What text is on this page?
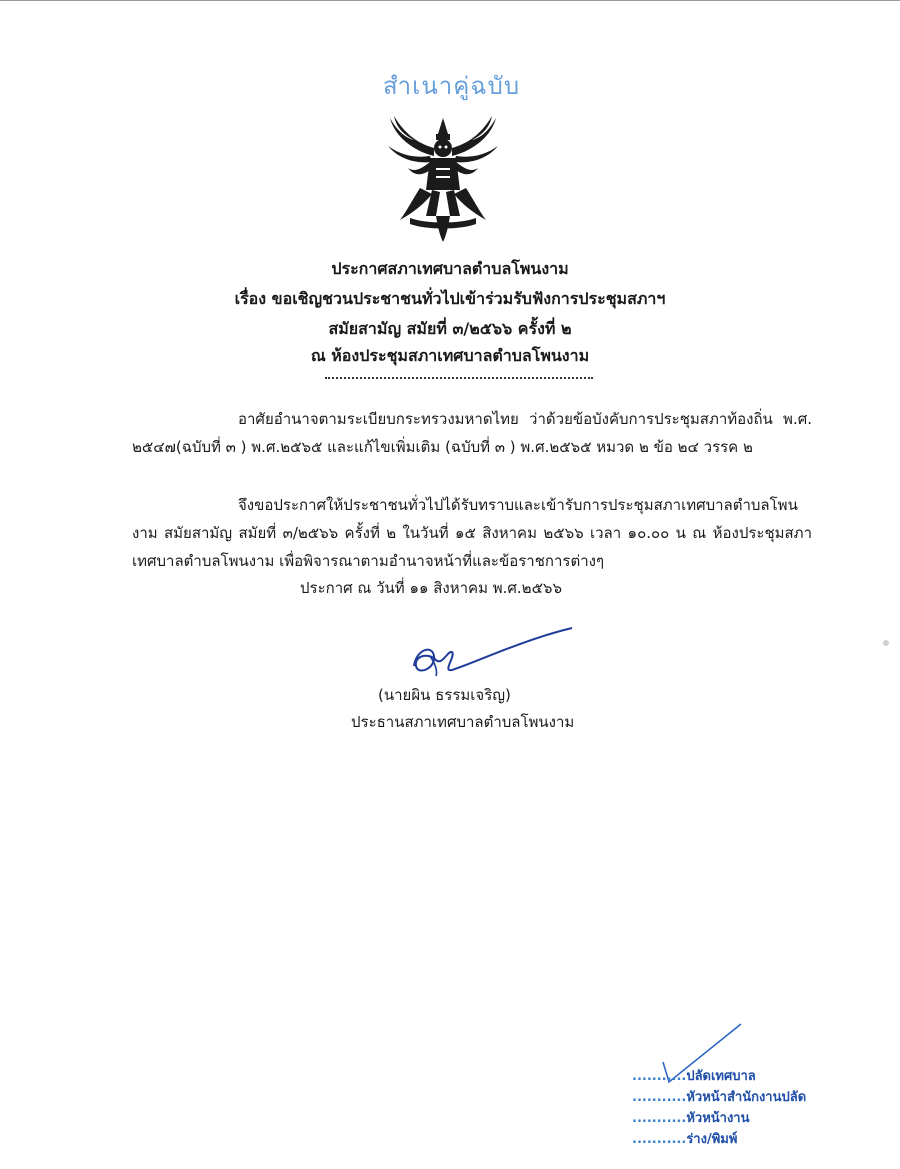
สำเนาคู่ฉบับ
ประกาศสภาเทศบาลตำบลโพนงาม
เรื่อง ขอเชิญชวนประชาชนทั่วไปเข้าร่วมรับฟังการประชุมสภาฯ
สมัยสามัญ สมัยที่ ๓/๒๕๖๖ ครั้งที่ ๒
ณ ห้องประชุมสภาเทศบาลตำบลโพนงาม
อาศัยอำนาจตามระเบียบกระทรวงมหาดไทย ว่าด้วยข้อบังคับการประชุมสภาท้องถิ่น พ.ศ. ๒๕๔๗(ฉบับที่ ๓ ) พ.ศ.๒๕๖๕ และแก้ไขเพิ่มเติม (ฉบับที่ ๓ ) พ.ศ.๒๕๖๕ หมวด ๒ ข้อ ๒๔ วรรค ๒
จึงขอประกาศให้ประชาชนทั่วไปได้รับทราบและเข้ารับการประชุมสภาเทศบาลตำบลโพนงาม สมัยสามัญ สมัยที่ ๓/๒๕๖๖ ครั้งที่ ๒ ในวันที่ ๑๕ สิงหาคม ๒๕๖๖ เวลา ๑๐.๐๐ น ณ ห้องประชุมสภาเทศบาลตำบลโพนงาม เพื่อพิจารณาตามอำนาจหน้าที่และข้อราชการต่างๆ
ประกาศ ณ วันที่ ๑๑ สิงหาคม พ.ศ.๒๕๖๖
(นายผิน ธรรมเจริญ)
ประธานสภาเทศบาลตำบลโพนงาม
...........ปลัดเทศบาล
...........หัวหน้าสำนักงานปลัด
...........หัวหน้างาน
...........ร่าง/พิมพ์
